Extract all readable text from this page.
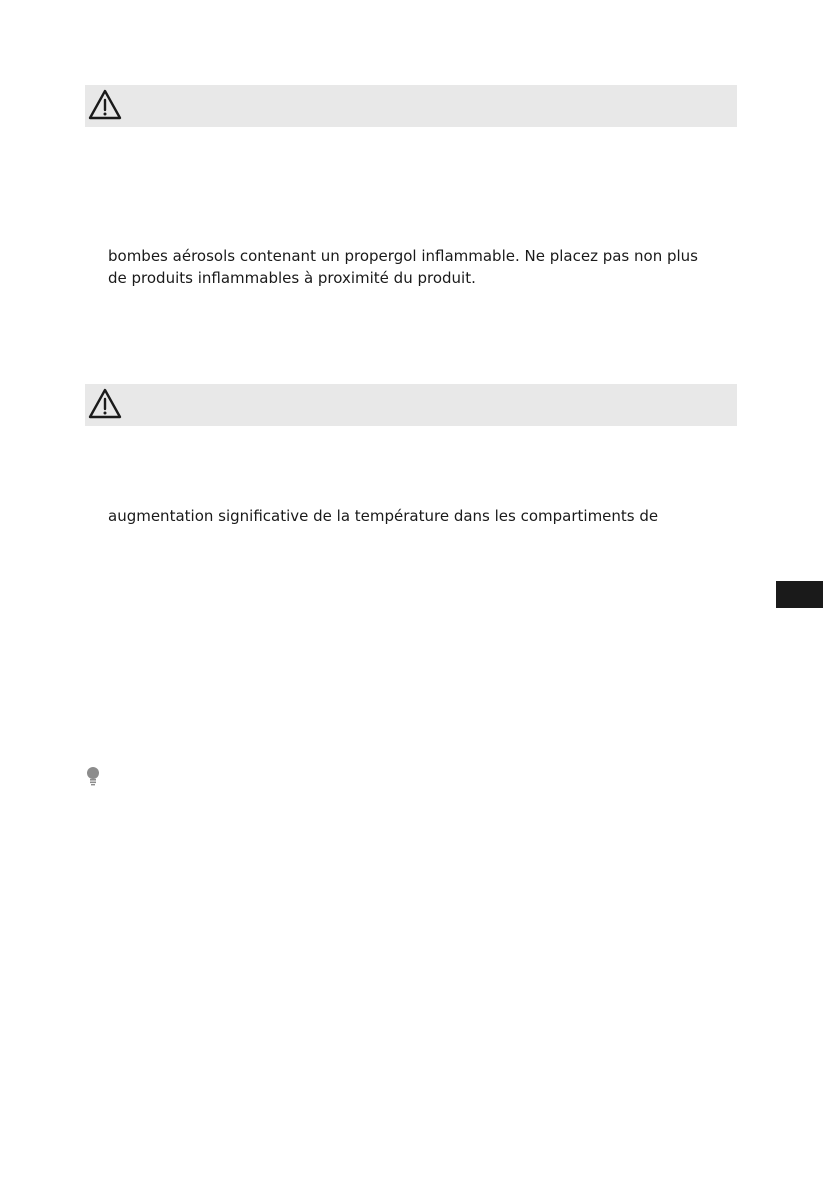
bombes aérosols contenant un propergol inflammable. Ne placez pas non plus

de produits inflammables à proximité du produit.

augmentation significative de la température dans les compartiments de
